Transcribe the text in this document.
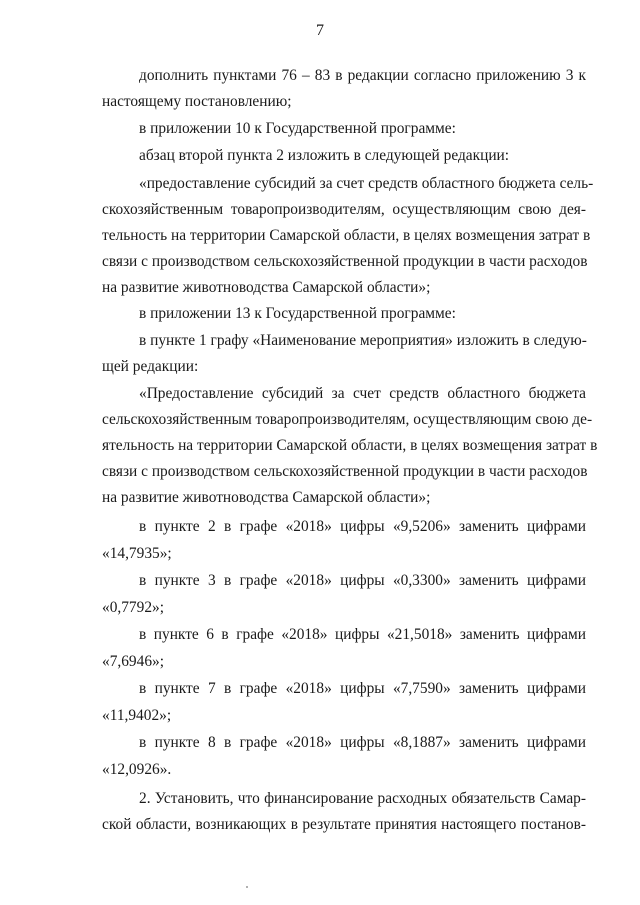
7
дополнить пунктами 76 – 83 в редакции согласно приложению 3 к
настоящему постановлению;
в приложении 10 к Государственной программе:
абзац второй пункта 2 изложить в следующей редакции:
«предоставление субсидий за счет средств областного бюджета сель-
скохозяйственным товаропроизводителям, осуществляющим свою дея-
тельность на территории Самарской области, в целях возмещения затрат в
связи с производством сельскохозяйственной продукции в части расходов
на развитие животноводства Самарской области»;
в приложении 13 к Государственной программе:
в пункте 1 графу «Наименование мероприятия» изложить в следую-
щей редакции:
«Предоставление субсидий за счет средств областного бюджета
сельскохозяйственным товаропроизводителям, осуществляющим свою де-
ятельность на территории Самарской области, в целях возмещения затрат в
связи с производством сельскохозяйственной продукции в части расходов
на развитие животноводства Самарской области»;
в пункте 2 в графе «2018» цифры «9,5206» заменить цифрами
«14,7935»;
в пункте 3 в графе «2018» цифры «0,3300» заменить цифрами
«0,7792»;
в пункте 6 в графе «2018» цифры «21,5018» заменить цифрами
«7,6946»;
в пункте 7 в графе «2018» цифры «7,7590» заменить цифрами
«11,9402»;
в пункте 8 в графе «2018» цифры «8,1887» заменить цифрами
«12,0926».
2. Установить, что финансирование расходных обязательств Самар-
ской области, возникающих в результате принятия настоящего постанов-
